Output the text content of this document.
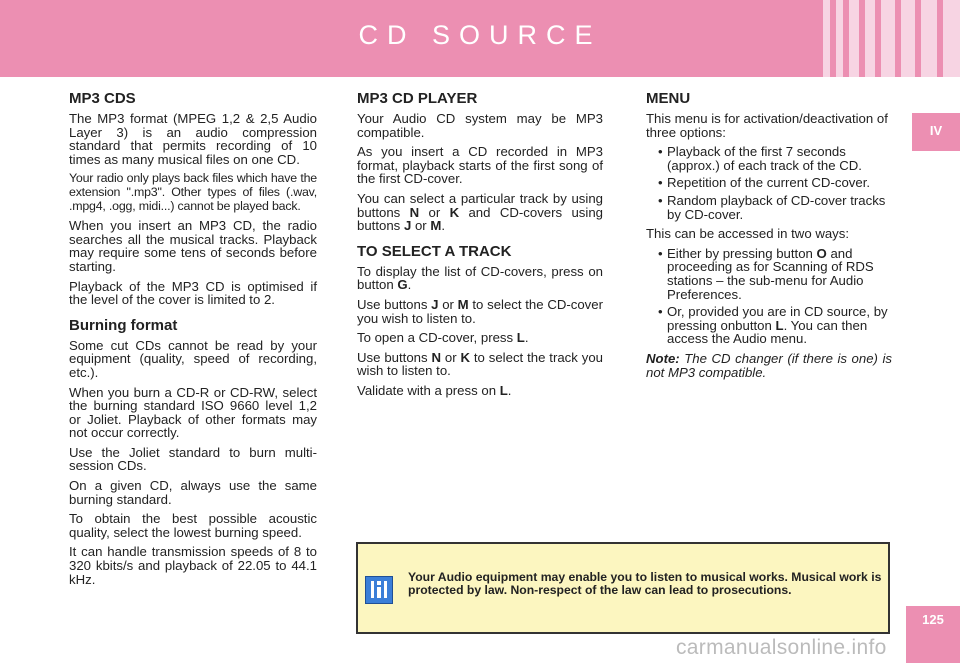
CD SOURCE
IV
MP3 CDS

The MP3 format (MPEG 1,2 & 2,5 Audio Layer 3) is an audio compression standard that permits recording of 10 times as many musical files on one CD.

Your radio only plays back files which have the extension ".mp3". Other types of files (.wav, .mpg4, .ogg, midi...) cannot be played back.

When you insert an MP3 CD, the radio searches all the musical tracks. Playback may require some tens of seconds before starting.

Playback of the MP3 CD is optimised if the level of the cover is limited to 2.

Burning format

Some cut CDs cannot be read by your equipment (quality, speed of recording, etc.).

When you burn a CD-R or CD-RW, select the burning standard ISO 9660 level 1,2 or Joliet. Playback of other formats may not occur correctly.

Use the Joliet standard to burn multi-session CDs.

On a given CD, always use the same burning standard.

To obtain the best possible acoustic quality, select the lowest burning speed.

It can handle transmission speeds of 8 to 320 kbits/s and playback of 22.05 to 44.1 kHz.

MP3 CD PLAYER

Your Audio CD system may be MP3 compatible.

As you insert a CD recorded in MP3 format, playback starts of the first song of the first CD-cover.

You can select a particular track by using buttons N or K and CD-covers using buttons J or M.

TO SELECT A TRACK

To display the list of CD-covers, press on button G.

Use buttons J or M to select the CD-cover you wish to listen to.

To open a CD-cover, press L.

Use buttons N or K to select the track you wish to listen to.

Validate with a press on L.

MENU

This menu is for activation/deactivation of three options:

• Playback of the first 7 seconds (approx.) of each track of the CD.
• Repetition of the current CD-cover.
• Random playback of CD-cover tracks by CD-cover.

This can be accessed in two ways:

• Either by pressing button O and proceeding as for Scanning of RDS stations – the sub-menu for Audio Preferences.
• Or, provided you are in CD source, by pressing onbutton L. You can then access the Audio menu.

Note: The CD changer (if there is one) is not MP3 compatible.

Your Audio equipment may enable you to listen to musical works. Musical work is protected by law. Non-respect of the law can lead to prosecutions.
125
carmanualsonline.info
